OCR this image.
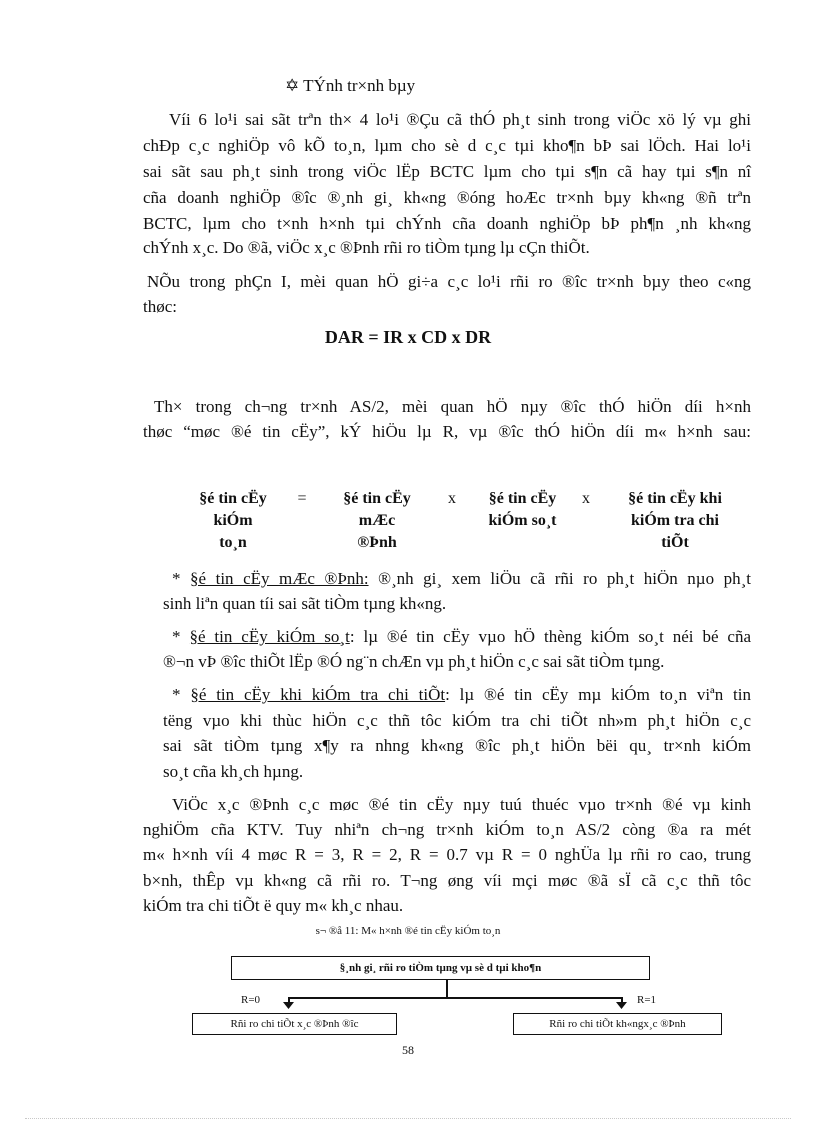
✡ TÝnh tr×nh bµy
Víi 6 lo¹i sai sãt trªn th× 4 lo¹i ®Çu cã thÓ ph¸t sinh trong viÖc xö lý vµ ghi
chÐp c¸c nghiÖp vô kÕ to¸n, lµm cho sè d c¸c tµi kho¶n bÞ sai lÖch. Hai lo¹i
sai sãt sau ph¸t sinh trong viÖc lËp BCTC lµm cho tµi s¶n cã hay tµi s¶n nî
cña doanh nghiÖp ®îc ®¸nh gi¸ kh«ng ®óng hoÆc tr×nh bµy kh«ng ®ñ trªn
BCTC, lµm cho t×nh h×nh tµi chÝnh cña doanh nghiÖp bÞ ph¶n ¸nh kh«ng
chÝnh x¸c. Do ®ã, viÖc x¸c ®Þnh rñi ro tiÒm tµng lµ cÇn thiÕt.
NÕu trong phÇn I, mèi quan hÖ gi÷a c¸c lo¹i rñi ro ®îc tr×nh bµy theo c«ng
thøc:
DAR = IR x CD x DR
Th× trong ch¬ng tr×nh AS/2, mèi quan hÖ nµy ®îc thÓ hiÖn díi h×nh
thøc “møc ®é tin cËy”, kÝ hiÖu lµ R, vµ ®îc thÓ hiÖn díi m« h×nh sau:
§é tin cËy
kiÓm
to¸n
=	§é tin cËy
mÆc
®Þnh
x	§é tin cËy
kiÓm so¸t
x	§é tin cËy khi
kiÓm tra chi
tiÕt
* §é tin cËy mÆc ®Þnh: ®¸nh gi¸ xem liÖu cã rñi ro ph¸t hiÖn nµo ph¸t
sinh liªn quan tíi sai sãt tiÒm tµng kh«ng.
* §é tin cËy kiÓm so¸t: lµ ®é tin cËy vµo hÖ thèng kiÓm so¸t néi bé cña
®¬n vÞ ®îc thiÕt lËp ®Ó ng¨n chÆn vµ ph¸t hiÖn c¸c sai sãt tiÒm tµng.
* §é tin cËy khi kiÓm tra chi tiÕt: lµ ®é tin cËy mµ kiÓm to¸n viªn tin
tëng vµo khi thùc hiÖn c¸c thñ tôc kiÓm tra chi tiÕt nh»m ph¸t hiÖn c¸c
sai sãt tiÒm tµng x¶y ra nhng kh«ng ®îc ph¸t hiÖn bëi qu¸ tr×nh kiÓm
so¸t cña kh¸ch hµng.
ViÖc x¸c ®Þnh c¸c møc ®é tin cËy nµy tuú thuéc vµo tr×nh ®é vµ kinh
nghiÖm cña KTV. Tuy nhiªn ch¬ng tr×nh kiÓm to¸n AS/2 còng ®a ra mét
m« h×nh víi 4 møc R = 3, R = 2, R = 0.7 vµ R = 0 nghÜa lµ rñi ro cao, trung
b×nh, thÊp vµ kh«ng cã rñi ro. T¬ng øng víi mçi møc ®ã sÏ cã c¸c thñ tôc
kiÓm tra chi tiÕt ë quy m« kh¸c nhau.
s¬ ®å 11: M« h×nh ®é tin cËy kiÓm to¸n
§¸nh gi¸ rñi ro tiÒm tµng vµ sè d tµi kho¶n
R=0	R=1
Rñi ro chi tiÕt x¸c ®Þnh ®îc	Rñi ro chi tiÕt kh«ngx¸c ®Þnh
58
